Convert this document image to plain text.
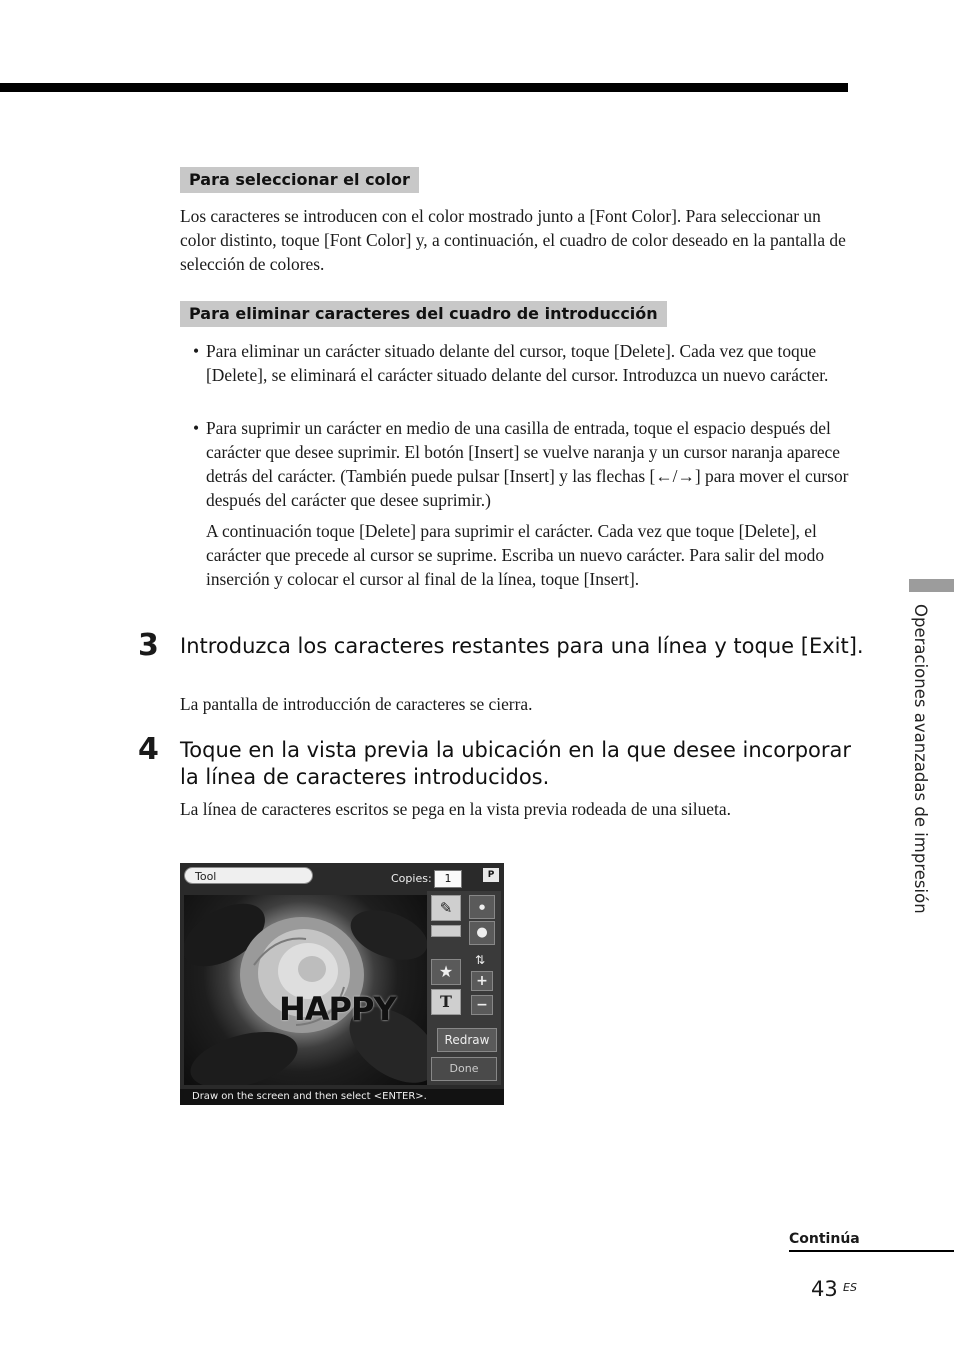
Para seleccionar el color
Los caracteres se introducen con el color mostrado junto a [Font Color]. Para seleccionar un color distinto, toque [Font Color] y, a continuación, el cuadro de color deseado en la pantalla de selección de colores.
Para eliminar caracteres del cuadro de introducción
• Para eliminar un carácter situado delante del cursor, toque [Delete]. Cada vez que toque [Delete], se eliminará el carácter situado delante del cursor. Introduzca un nuevo carácter.
• Para suprimir un carácter en medio de una casilla de entrada, toque el espacio después del carácter que desee suprimir. El botón [Insert] se vuelve naranja y un cursor naranja aparece detrás del carácter. (También puede pulsar [Insert] y las flechas [←/→] para mover el cursor después del carácter que desee suprimir.)
A continuación toque [Delete] para suprimir el carácter. Cada vez que toque [Delete], el carácter que precede al cursor se suprime. Escriba un nuevo carácter. Para salir del modo inserción y colocar el cursor al final de la línea, toque [Insert].
3 Introduzca los caracteres restantes para una línea y toque [Exit].
La pantalla de introducción de caracteres se cierra.
4 Toque en la vista previa la ubicación en la que desee incorporar la línea de caracteres introducidos.
La línea de caracteres escritos se pega en la vista previa rodeada de una silueta.
Tool	Copies:	1	P
HAPPY
✎	●
●
★
⇅
T
+
−
Redraw
Done
Draw on the screen and then select <ENTER>.
Operaciones avanzadas de impresión
Continúa
43 ES
